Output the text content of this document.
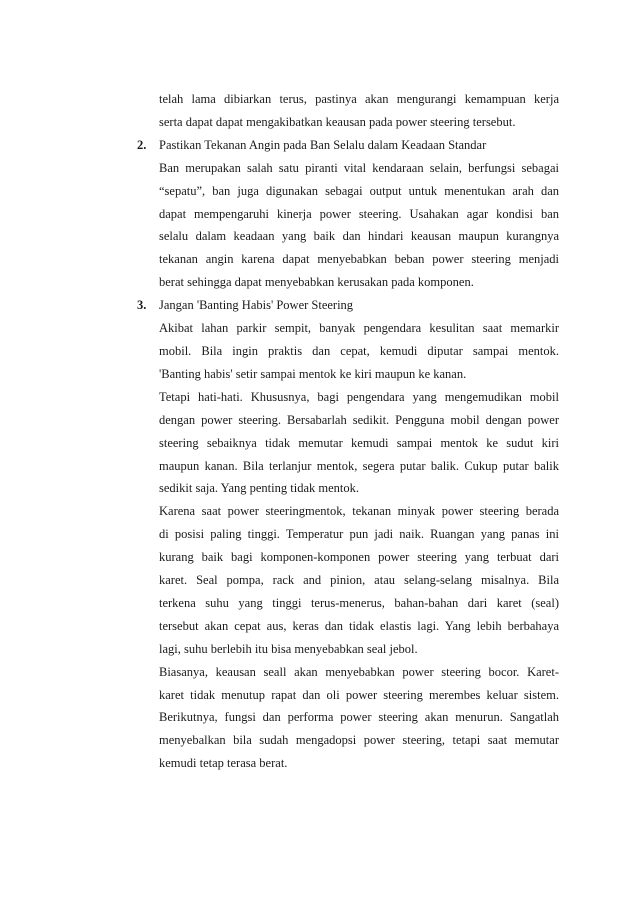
telah lama dibiarkan terus, pastinya akan mengurangi kemampuan kerja

serta dapat dapat mengakibatkan keausan pada power steering tersebut.

2. Pastikan Tekanan Angin pada Ban Selalu dalam Keadaan Standar

Ban merupakan salah satu piranti vital kendaraan selain, berfungsi sebagai

“sepatu”, ban juga digunakan sebagai output untuk menentukan arah dan

dapat mempengaruhi kinerja power steering. Usahakan agar kondisi ban

selalu dalam keadaan yang baik dan hindari keausan maupun kurangnya

tekanan angin karena dapat menyebabkan beban power steering menjadi

berat sehingga dapat menyebabkan kerusakan pada komponen.

3. Jangan 'Banting Habis' Power Steering

Akibat lahan parkir sempit, banyak pengendara kesulitan saat memarkir

mobil. Bila ingin praktis dan cepat, kemudi diputar sampai mentok.

'Banting habis' setir sampai mentok ke kiri maupun ke kanan.

Tetapi hati-hati. Khususnya, bagi pengendara yang mengemudikan mobil

dengan power steering. Bersabarlah sedikit. Pengguna mobil dengan power

steering sebaiknya tidak memutar kemudi sampai mentok ke sudut kiri

maupun kanan. Bila terlanjur mentok, segera putar balik. Cukup putar balik

sedikit saja. Yang penting tidak mentok.

Karena saat power steeringmentok, tekanan minyak power steering berada

di posisi paling tinggi. Temperatur pun jadi naik. Ruangan yang panas ini

kurang baik bagi komponen-komponen power steering yang terbuat dari

karet. Seal pompa, rack and pinion, atau selang-selang misalnya. Bila

terkena suhu yang tinggi terus-menerus, bahan-bahan dari karet (seal)

tersebut akan cepat aus, keras dan tidak elastis lagi. Yang lebih berbahaya

lagi, suhu berlebih itu bisa menyebabkan seal jebol.

Biasanya, keausan seall akan menyebabkan power steering bocor. Karet-

karet tidak menutup rapat dan oli power steering merembes keluar sistem.

Berikutnya, fungsi dan performa power steering akan menurun. Sangatlah

menyebalkan bila sudah mengadopsi power steering, tetapi saat memutar

kemudi tetap terasa berat.
